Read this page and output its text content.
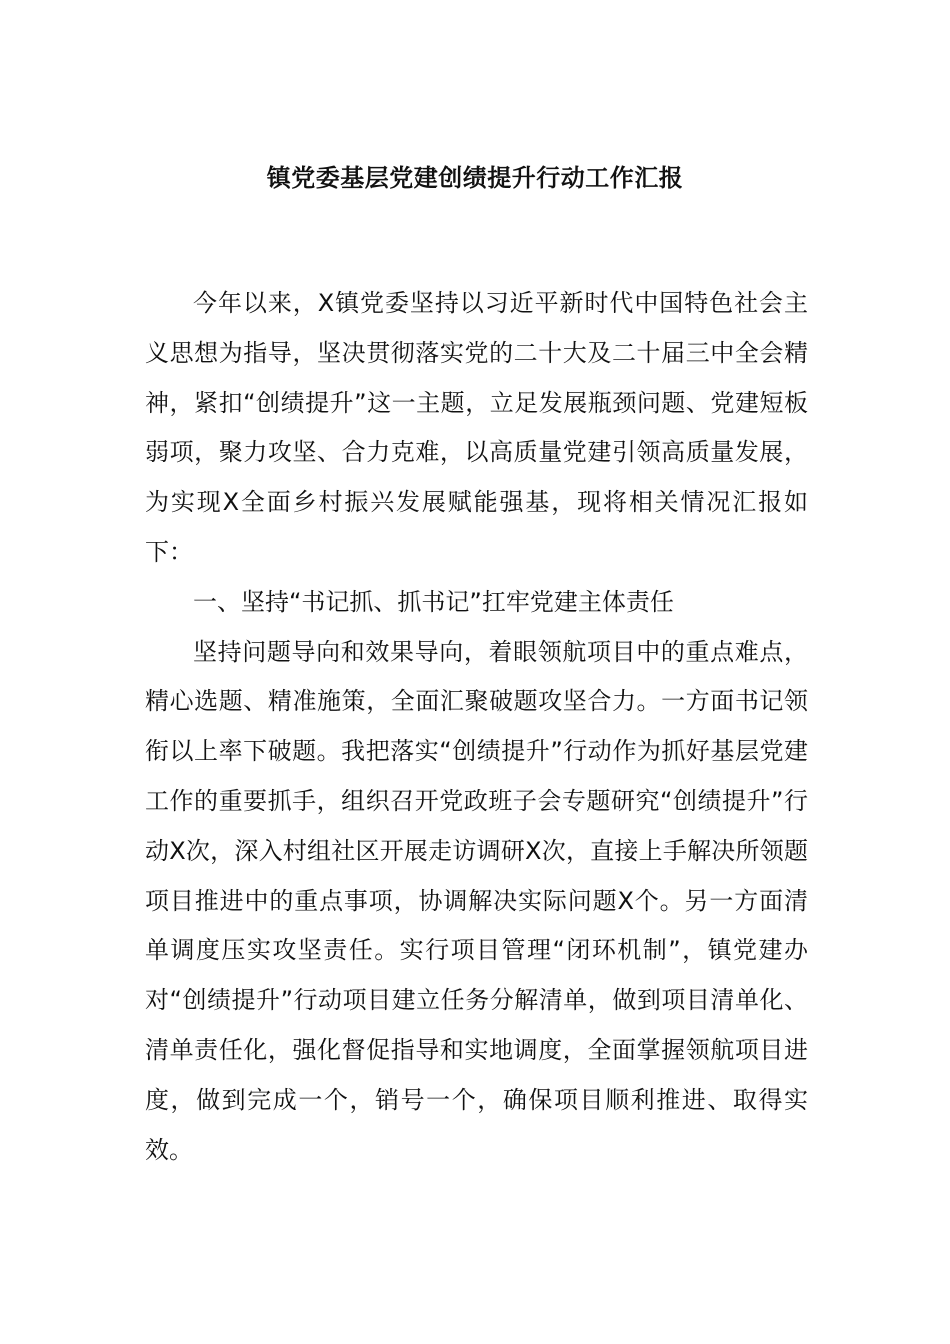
镇党委基层党建创绩提升行动工作汇报

今年以来，X镇党委坚持以习近平新时代中国特色社会主义思想为指导，坚决贯彻落实党的二十大及二十届三中全会精神，紧扣“创绩提升”这一主题，立足发展瓶颈问题、党建短板弱项，聚力攻坚、合力克难，以高质量党建引领高质量发展，为实现X全面乡村振兴发展赋能强基，现将相关情况汇报如下：

一、坚持“书记抓、抓书记”扛牢党建主体责任

坚持问题导向和效果导向，着眼领航项目中的重点难点，精心选题、精准施策，全面汇聚破题攻坚合力。一方面书记领衔以上率下破题。我把落实“创绩提升”行动作为抓好基层党建工作的重要抓手，组织召开党政班子会专题研究“创绩提升”行动X次，深入村组社区开展走访调研X次，直接上手解决所领题项目推进中的重点事项，协调解决实际问题X个。另一方面清单调度压实攻坚责任。实行项目管理“闭环机制”，镇党建办对“创绩提升”行动项目建立任务分解清单，做到项目清单化、清单责任化，强化督促指导和实地调度，全面掌握领航项目进度，做到完成一个，销号一个，确保项目顺利推进、取得实效。
